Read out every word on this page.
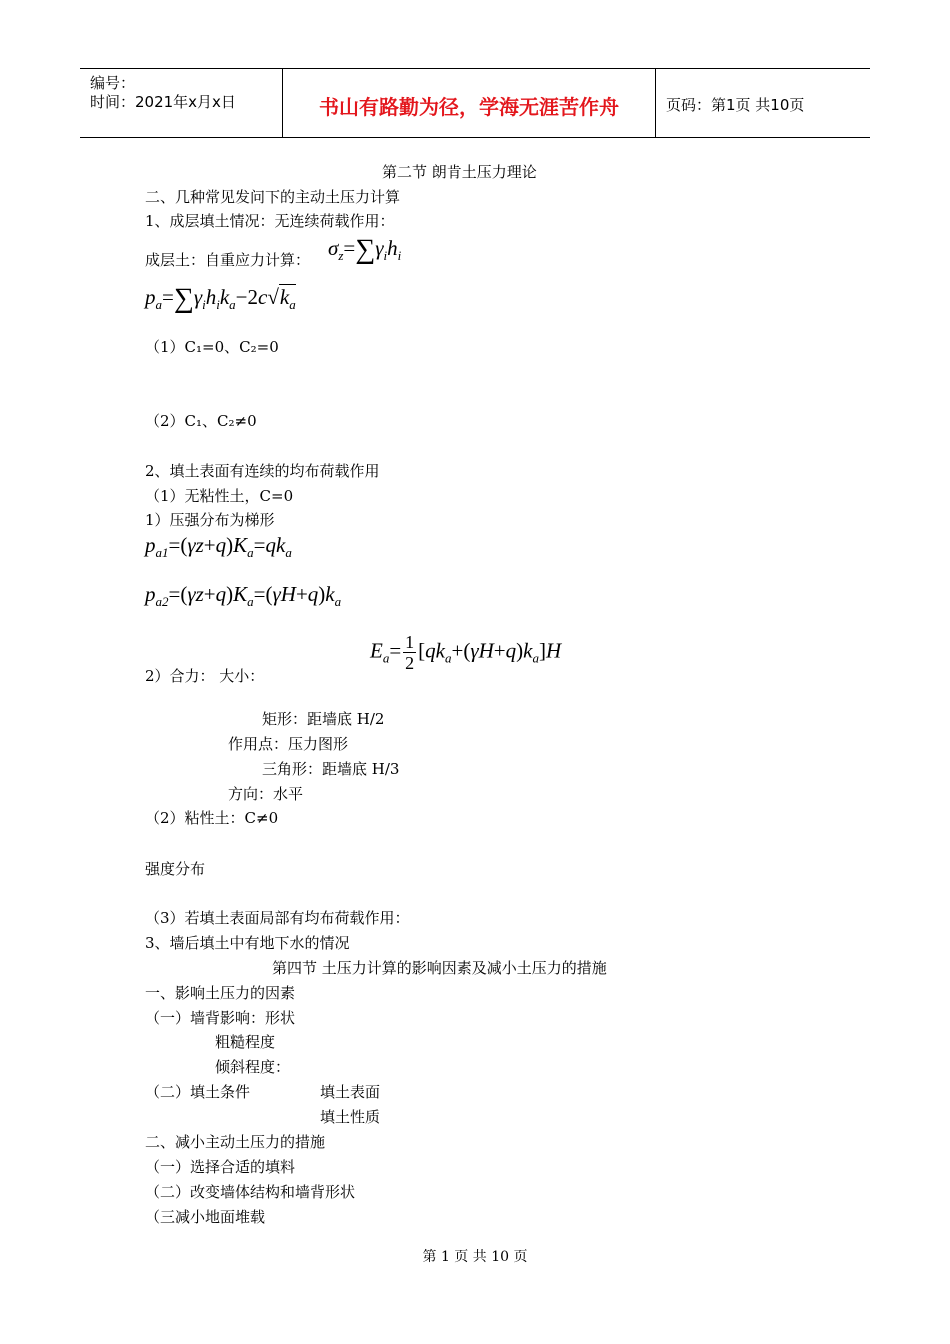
编号：
时间：2021年x月x日	书山有路勤为径，学海无涯苦作舟	页码：第1页 共10页
第二节 朗肯土压力理论
二、几种常见发问下的主动土压力计算
1、成层填土情况：无连续荷载作用：
成层土：自重应力计算： $\sigma_z=\sum\gamma_ih_i$
$p_a=\sum\gamma_ih_ik_a-2c√k_a$
（1）C₁=0、C₂=0
（2）C₁、C₂≠0
2、填土表面有连续的均布荷载作用
（1）无粘性土，C=0
1）压强分布为梯形
$p_{a1}=(\gamma z+q)K_a=qk_a$
$p_{a2}=(\gamma z+q)K_a=(\gamma H+q)k_a$
$E_a= \frac{1}{2} [qk_a+(\gamma H+q)k_a]H$
2）合力： 大小：
矩形：距墙底 H/2
作用点：压力图形
三角形：距墙底 H/3
方向：水平
（2）粘性土：C≠0
强度分布
（3）若填土表面局部有均布荷载作用：
3、墙后填土中有地下水的情况
第四节 土压力计算的影响因素及减小土压力的措施
一、影响土压力的因素
（一）墙背影响：形状
粗糙程度
倾斜程度：
（二）填土条件	填土表面
填土性质
二、减小主动土压力的措施
（一）选择合适的填料
（二）改变墙体结构和墙背形状
（三减小地面堆载
第 1 页 共 10 页
